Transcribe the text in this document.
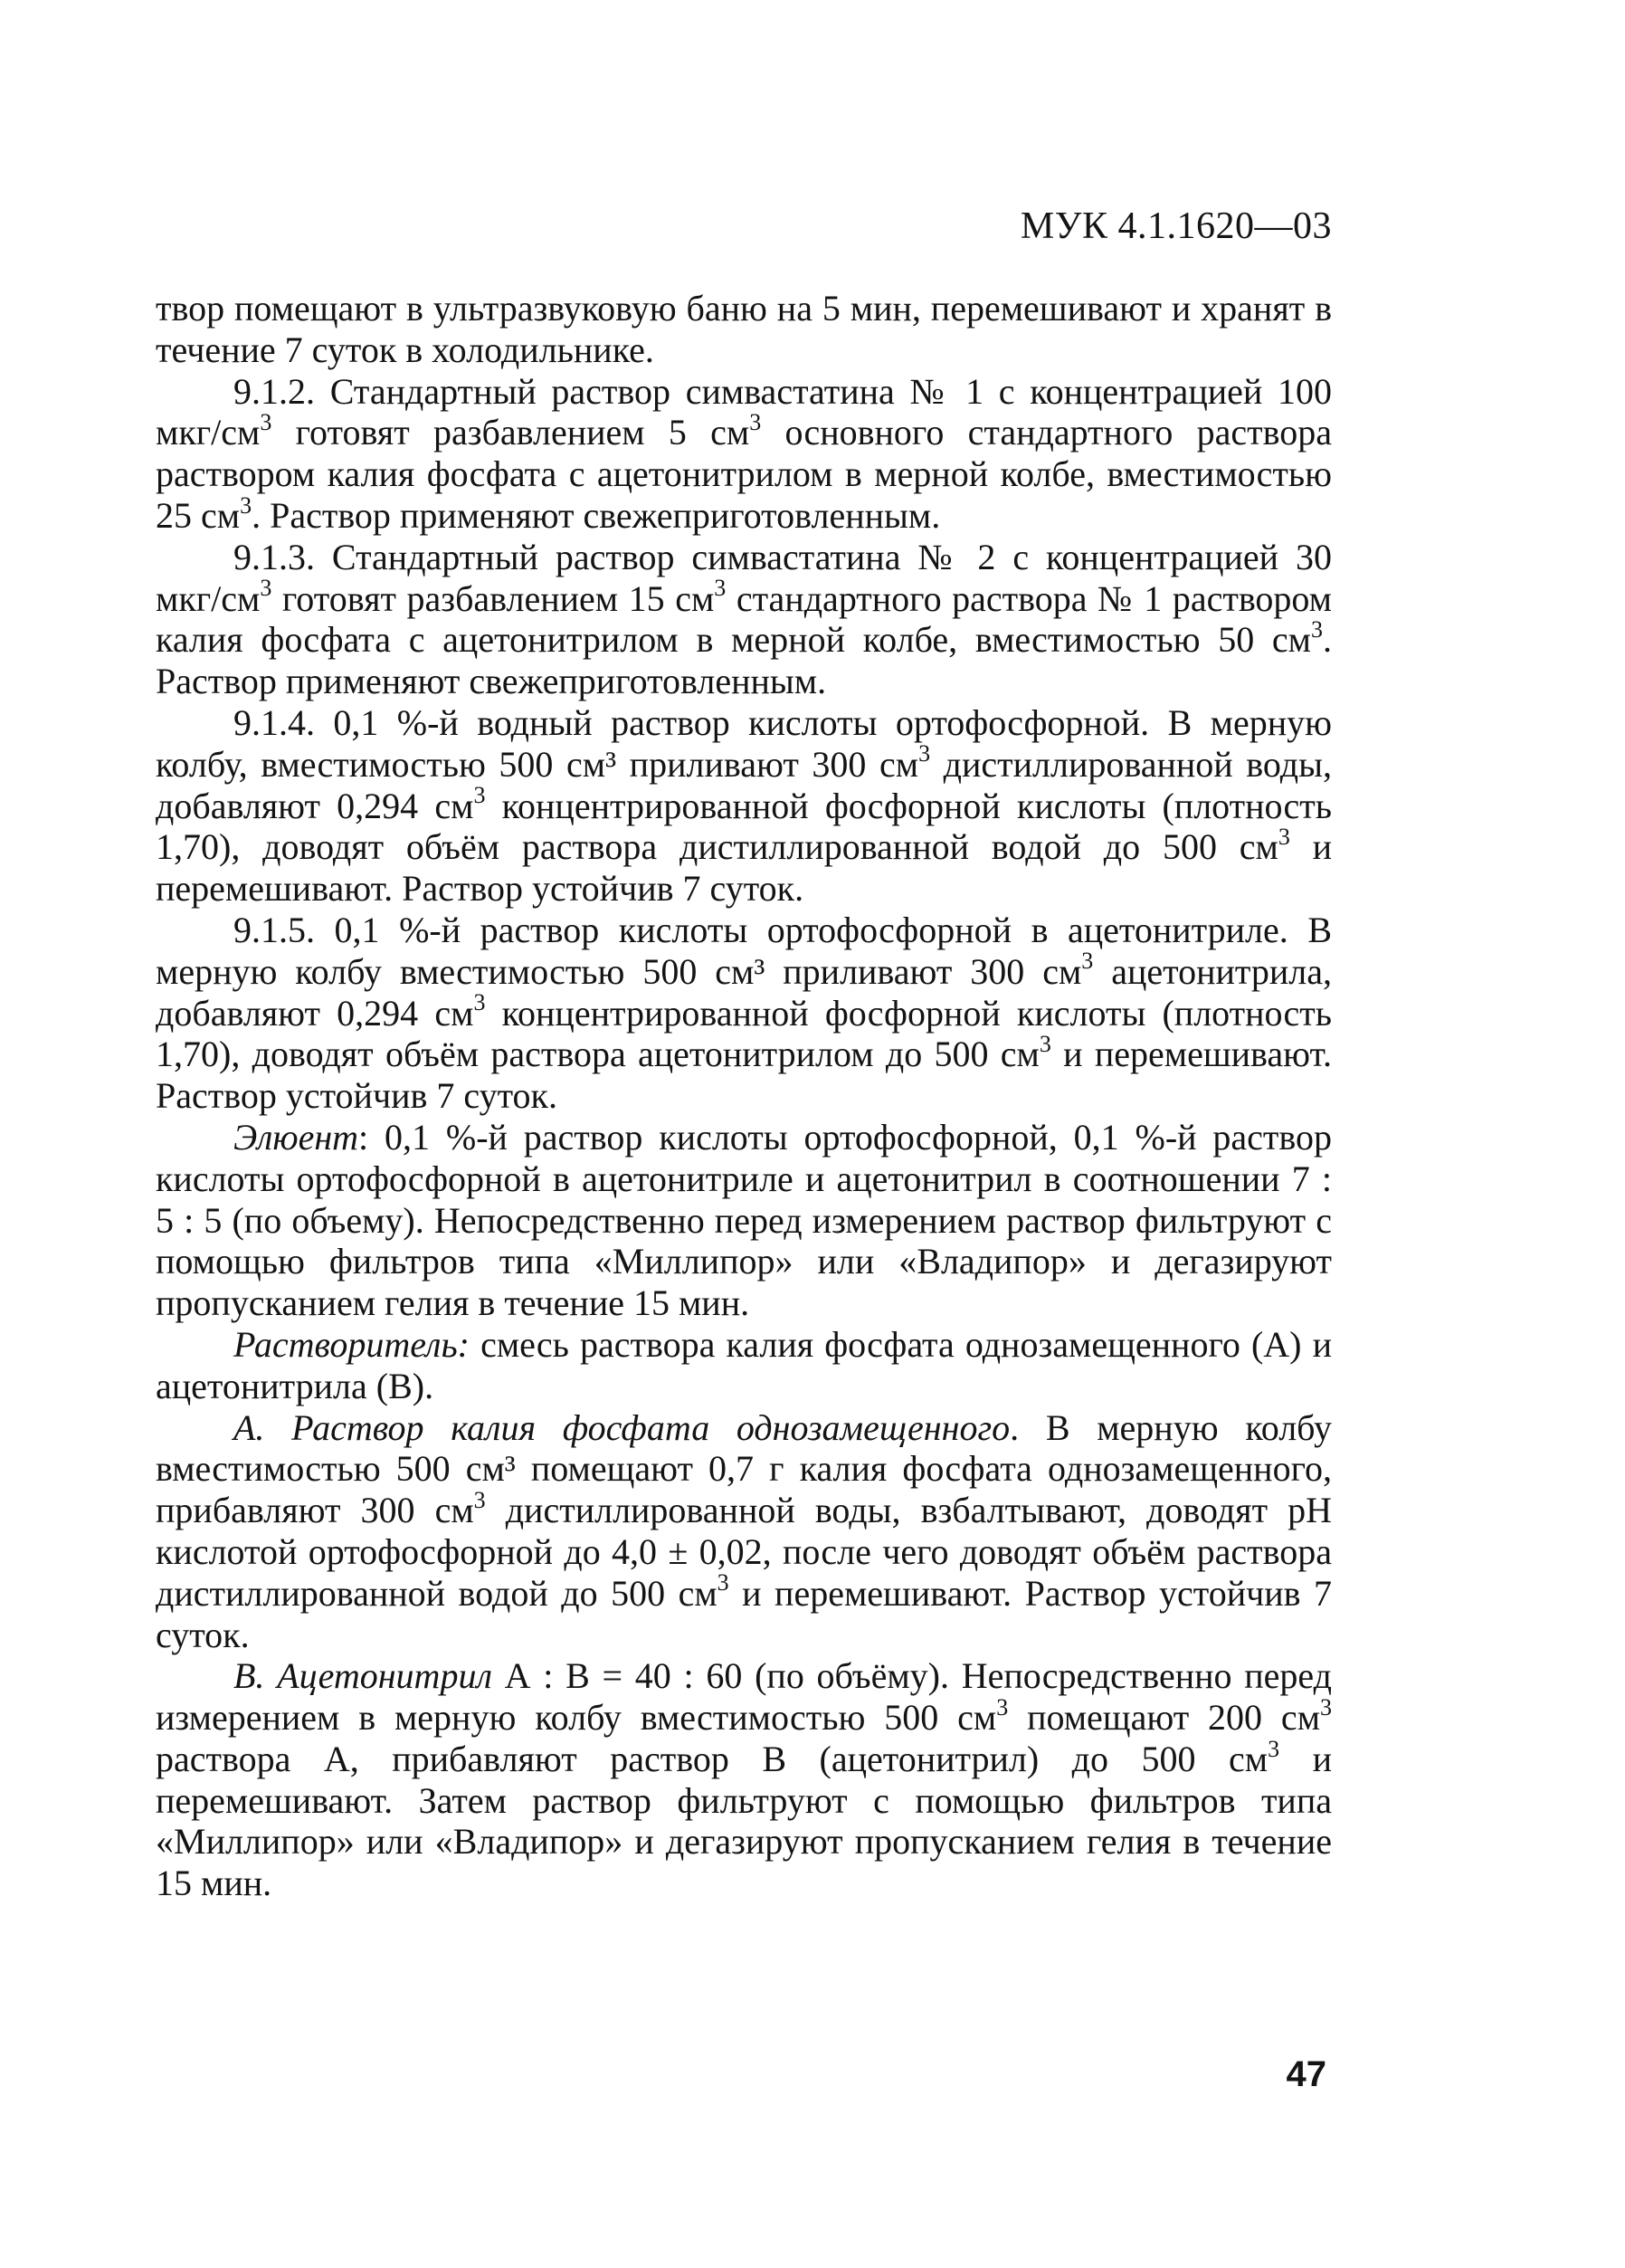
МУК 4.1.1620—03

твор помещают в ультразвуковую баню на 5 мин, перемешивают и хранят в течение 7 суток в холодильнике.

9.1.2. Стандартный раствор симвастатина № 1 с концентрацией 100 мкг/$см^3$ готовят разбавлением 5 $см^3$ основного стандартного раствора раствором калия фосфата с ацетонитрилом в мерной колбе, вместимостью 25 $см^3$. Раствор применяют свежеприготовленным.

9.1.3. Стандартный раствор симвастатина № 2 с концентрацией 30 мкг/$см^3$ готовят разбавлением 15 $см^3$ стандартного раствора № 1 раствором калия фосфата с ацетонитрилом в мерной колбе, вместимостью 50 $см^3$. Раствор применяют свежеприготовленным.

9.1.4. 0,1 %-й водный раствор кислоты ортофосфорной. В мерную колбу, вместимостью 500 см³ приливают 300 $см^3$ дистиллированной воды, добавляют 0,294 $см^3$ концентрированной фосфорной кислоты (плотность 1,70), доводят объём раствора дистиллированной водой до 500 $см^3$ и перемешивают. Раствор устойчив 7 суток.

9.1.5. 0,1 %-й раствор кислоты ортофосфорной в ацетонитриле. В мерную колбу вместимостью 500 см³ приливают 300 $см^3$ ацетонитрила, добавляют 0,294 $см^3$ концентрированной фосфорной кислоты (плотность 1,70), доводят объём раствора ацетонитрилом до 500 $см^3$ и перемешивают. Раствор устойчив 7 суток.

Элюент: 0,1 %-й раствор кислоты ортофосфорной, 0,1 %-й раствор кислоты ортофосфорной в ацетонитриле и ацетонитрил в соотношении 7 : 5 : 5 (по объему). Непосредственно перед измерением раствор фильтруют с помощью фильтров типа «Миллипор» или «Владипор» и дегазируют пропусканием гелия в течение 15 мин.

Растворитель: смесь раствора калия фосфата однозамещенного (А) и ацетонитрила (В).

А. Раствор калия фосфата однозамещенного. В мерную колбу вместимостью 500 см³ помещают 0,7 г калия фосфата однозамещенного, прибавляют 300 $см^3$ дистиллированной воды, взбалтывают, доводят рН кислотой ортофосфорной до 4,0 ± 0,02, после чего доводят объём раствора дистиллированной водой до 500 $см^3$ и перемешивают. Раствор устойчив 7 суток.

В. Ацетонитрил А : В = 40 : 60 (по объёму). Непосредственно перед измерением в мерную колбу вместимостью 500 $см^3$ помещают 200 $см^3$ раствора А, прибавляют раствор В (ацетонитрил) до 500 $см^3$ и перемешивают. Затем раствор фильтруют с помощью фильтров типа «Миллипор» или «Владипор» и дегазируют пропусканием гелия в течение 15 мин.

47
